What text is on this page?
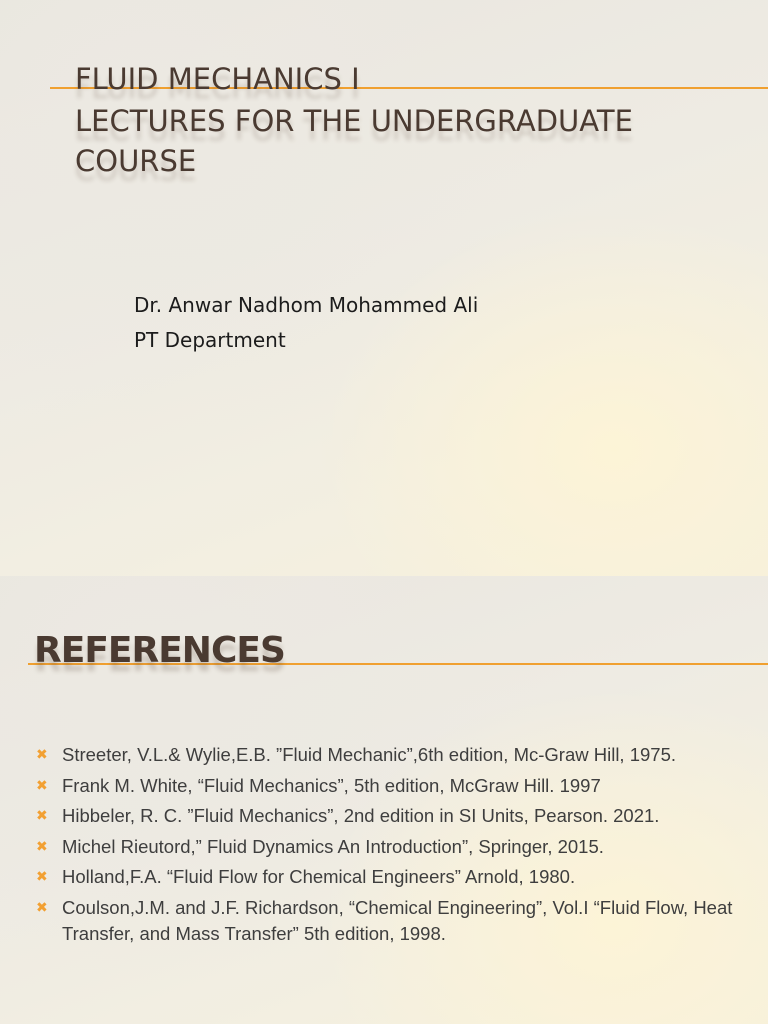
FLUID MECHANICS I
LECTURES FOR THE UNDERGRADUATE
COURSE
Dr. Anwar Nadhom Mohammed Ali
PT Department
REFERENCES
✖ Streeter, V.L.& Wylie,E.B. ”Fluid Mechanic”,6th edition, Mc-Graw Hill, 1975.
✖ Frank M. White, “Fluid Mechanics”, 5th edition, McGraw Hill. 1997
✖ Hibbeler, R. C. ”Fluid Mechanics”, 2nd edition in SI Units, Pearson. 2021.
✖ Michel Rieutord,” Fluid Dynamics An Introduction”, Springer, 2015.
✖ Holland,F.A. “Fluid Flow for Chemical Engineers” Arnold, 1980.
✖ Coulson,J.M. and J.F. Richardson, “Chemical Engineering”, Vol.I “Fluid Flow, Heat Transfer, and Mass Transfer” 5th edition, 1998.
